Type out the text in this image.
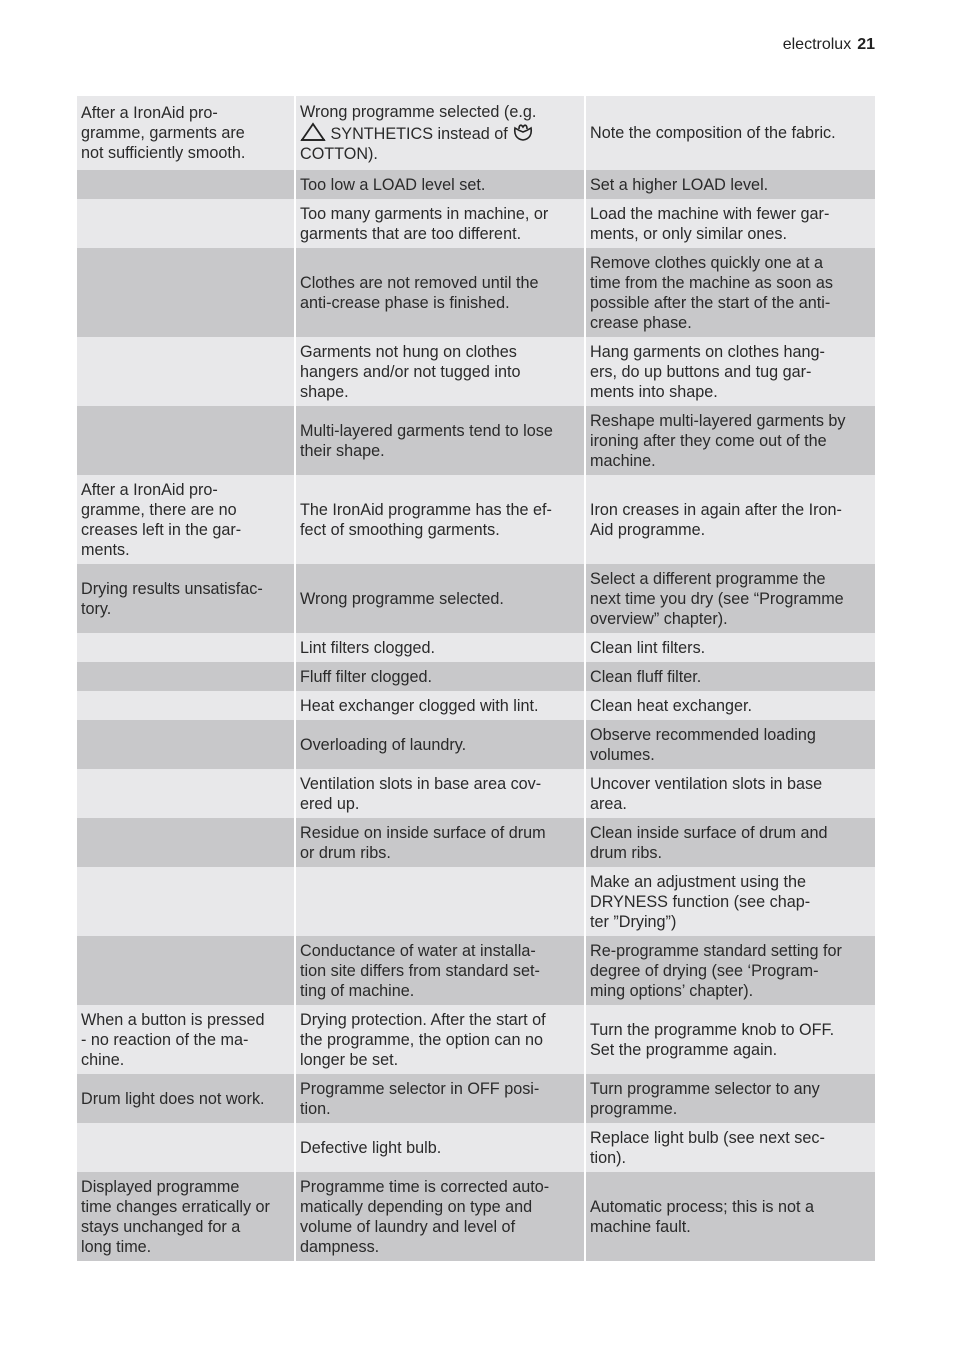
electrolux 21
After a IronAid pro-
gramme, garments are
not sufficiently smooth.	Wrong programme selected (e.g.
SYNTHETICS instead of
COTTON).	Note the composition of the fabric.
	Too low a LOAD level set.	Set a higher LOAD level.
	Too many garments in machine, or
garments that are too different.	Load the machine with fewer gar-
ments, or only similar ones.
	Clothes are not removed until the
anti-crease phase is finished.	Remove clothes quickly one at a
time from the machine as soon as
possible after the start of the anti-
crease phase.
	Garments not hung on clothes
hangers and/or not tugged into
shape.	Hang garments on clothes hang-
ers, do up buttons and tug gar-
ments into shape.
	Multi-layered garments tend to lose
their shape.	Reshape multi-layered garments by
ironing after they come out of the
machine.
After a IronAid pro-
gramme, there are no
creases left in the gar-
ments.	The IronAid programme has the ef-
fect of smoothing garments.	Iron creases in again after the Iron-
Aid programme.
Drying results unsatisfac-
tory.	Wrong programme selected.	Select a different programme the
next time you dry (see “Programme
overview” chapter).
	Lint filters clogged.	Clean lint filters.
	Fluff filter clogged.	Clean fluff filter.
	Heat exchanger clogged with lint.	Clean heat exchanger.
	Overloading of laundry.	Observe recommended loading
volumes.
	Ventilation slots in base area cov-
ered up.	Uncover ventilation slots in base
area.
	Residue on inside surface of drum
or drum ribs.	Clean inside surface of drum and
drum ribs.
		Make an adjustment using the
DRYNESS function (see chap-
ter ”Drying”)
	Conductance of water at installa-
tion site differs from standard set-
ting of machine.	Re-programme standard setting for
degree of drying (see ‘Program-
ming options’ chapter).
When a button is pressed
- no reaction of the ma-
chine.	Drying protection. After the start of
the programme, the option can no
longer be set.	Turn the programme knob to OFF.
Set the programme again.
Drum light does not work.	Programme selector in OFF posi-
tion.	Turn programme selector to any
programme.
	Defective light bulb.	Replace light bulb (see next sec-
tion).
Displayed programme
time changes erratically or
stays unchanged for a
long time.	Programme time is corrected auto-
matically depending on type and
volume of laundry and level of
dampness.	Automatic process; this is not a
machine fault.
